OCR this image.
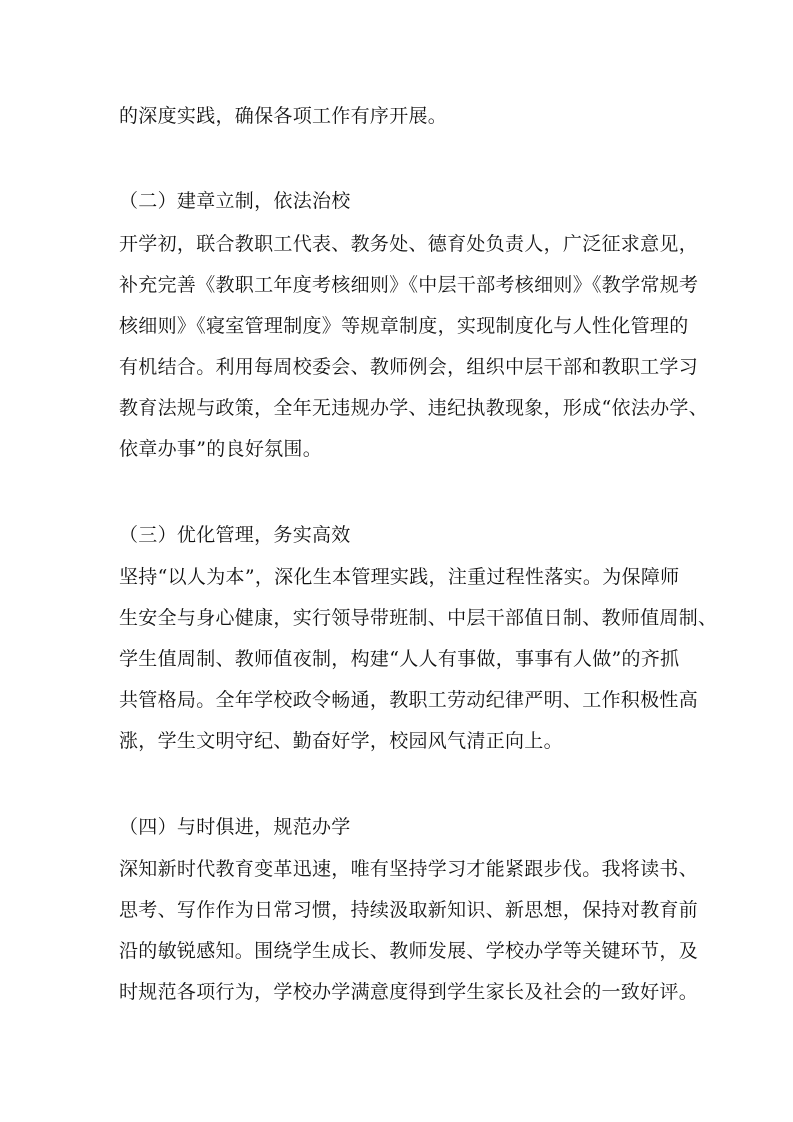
的深度实践，确保各项工作有序开展。
（二）建章立制，依法治校
开学初，联合教职工代表、教务处、德育处负责人，广泛征求意见，
补充完善《教职工年度考核细则》《中层干部考核细则》《教学常规考
核细则》《寝室管理制度》等规章制度，实现制度化与人性化管理的
有机结合。利用每周校委会、教师例会，组织中层干部和教职工学习
教育法规与政策，全年无违规办学、违纪执教现象，形成“依法办学、
依章办事”的良好氛围。
（三）优化管理，务实高效
坚持“以人为本”，深化生本管理实践，注重过程性落实。为保障师
生安全与身心健康，实行领导带班制、中层干部值日制、教师值周制、
学生值周制、教师值夜制，构建“人人有事做，事事有人做”的齐抓
共管格局。全年学校政令畅通，教职工劳动纪律严明、工作积极性高
涨，学生文明守纪、勤奋好学，校园风气清正向上。
（四）与时俱进，规范办学
深知新时代教育变革迅速，唯有坚持学习才能紧跟步伐。我将读书、
思考、写作作为日常习惯，持续汲取新知识、新思想，保持对教育前
沿的敏锐感知。围绕学生成长、教师发展、学校办学等关键环节，及
时规范各项行为，学校办学满意度得到学生家长及社会的一致好评。
